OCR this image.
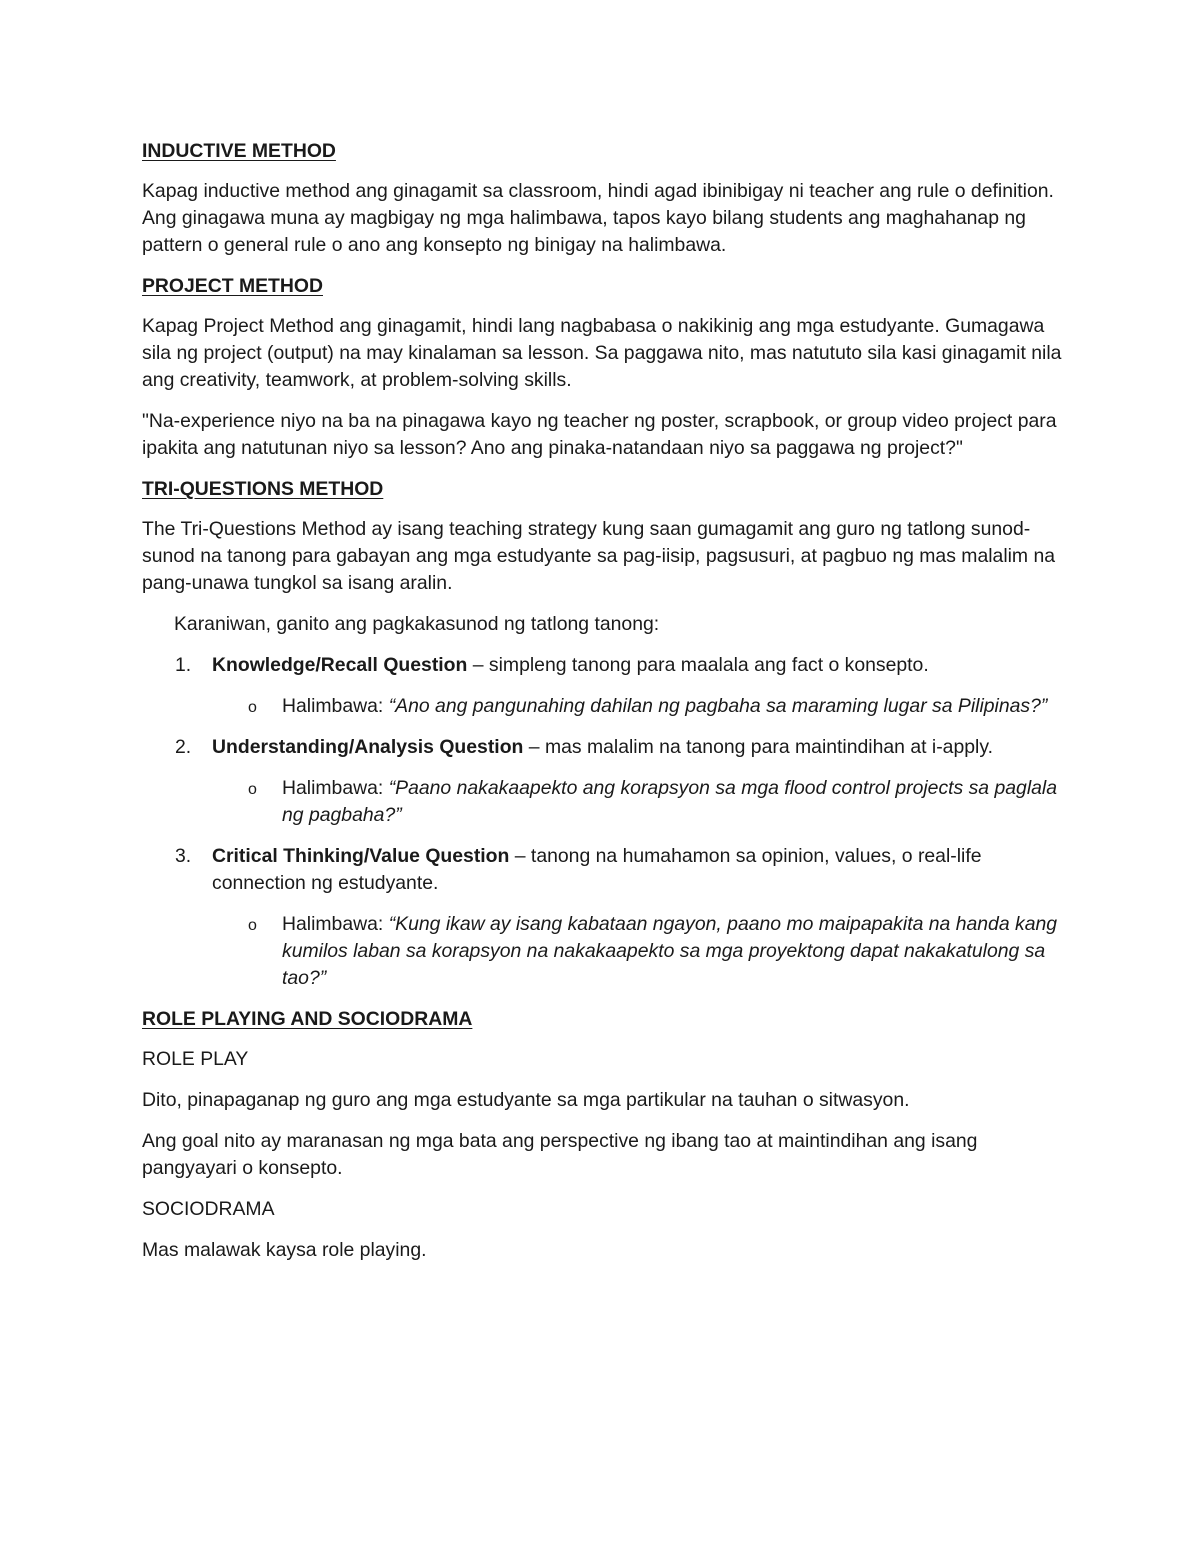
INDUCTIVE METHOD

Kapag inductive method ang ginagamit sa classroom, hindi agad ibinibigay ni teacher ang rule o definition. Ang ginagawa muna ay magbigay ng mga halimbawa, tapos kayo bilang students ang maghahanap ng pattern o general rule o ano ang konsepto ng binigay na halimbawa.

PROJECT METHOD

Kapag Project Method ang ginagamit, hindi lang nagbabasa o nakikinig ang mga estudyante. Gumagawa sila ng project (output) na may kinalaman sa lesson. Sa paggawa nito, mas natututo sila kasi ginagamit nila ang creativity, teamwork, at problem-solving skills.

"Na-experience niyo na ba na pinagawa kayo ng teacher ng poster, scrapbook, or group video project para ipakita ang natutunan niyo sa lesson? Ano ang pinaka-natandaan niyo sa paggawa ng project?"

TRI-QUESTIONS METHOD

The Tri-Questions Method ay isang teaching strategy kung saan gumagamit ang guro ng tatlong sunod-sunod na tanong para gabayan ang mga estudyante sa pag-iisip, pagsusuri, at pagbuo ng mas malalim na pang-unawa tungkol sa isang aralin.

Karaniwan, ganito ang pagkakasunod ng tatlong tanong:

1. Knowledge/Recall Question – simpleng tanong para maalala ang fact o konsepto.
o Halimbawa: “Ano ang pangunahing dahilan ng pagbaha sa maraming lugar sa Pilipinas?”
2. Understanding/Analysis Question – mas malalim na tanong para maintindihan at i-apply.
o Halimbawa: “Paano nakakaapekto ang korapsyon sa mga flood control projects sa paglala ng pagbaha?”
3. Critical Thinking/Value Question – tanong na humahamon sa opinion, values, o real-life connection ng estudyante.
o Halimbawa: “Kung ikaw ay isang kabataan ngayon, paano mo maipapakita na handa kang kumilos laban sa korapsyon na nakakaapekto sa mga proyektong dapat nakakatulong sa tao?”
ROLE PLAYING AND SOCIODRAMA

ROLE PLAY

Dito, pinapaganap ng guro ang mga estudyante sa mga partikular na tauhan o sitwasyon.

Ang goal nito ay maranasan ng mga bata ang perspective ng ibang tao at maintindihan ang isang pangyayari o konsepto.

SOCIODRAMA

Mas malawak kaysa role playing.
